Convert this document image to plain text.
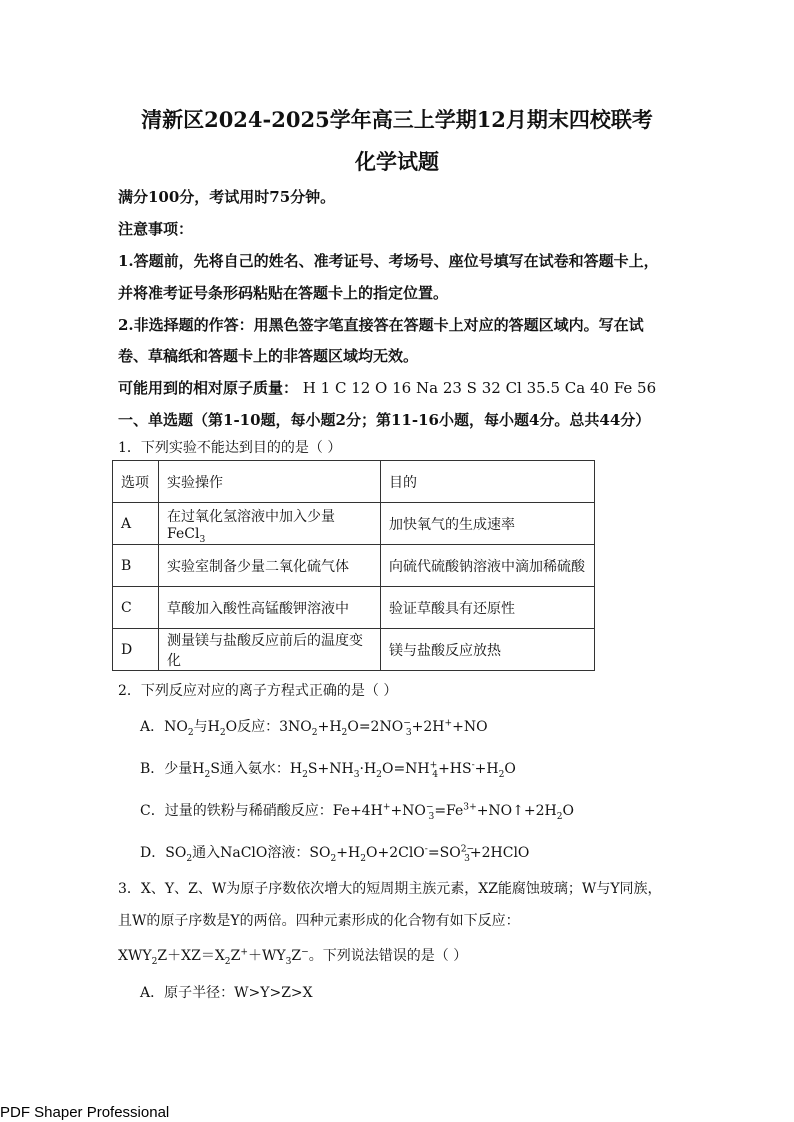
清新区2024-2025学年高三上学期12月期末四校联考
化学试题
满分100分，考试用时75分钟。
注意事项：
1.答题前，先将自己的姓名、准考证号、考场号、座位号填写在试卷和答题卡上，
并将准考证号条形码粘贴在答题卡上的指定位置。
2.非选择题的作答：用黑色签字笔直接答在答题卡上对应的答题区域内。写在试
卷、草稿纸和答题卡上的非答题区域均无效。
可能用到的相对原子质量： H 1 C 12 O 16 Na 23 S 32 Cl 35.5 Ca 40 Fe 56
一、单选题（第1-10题，每小题2分；第11-16小题，每小题4分。总共44分）
1．下列实验不能达到目的的是（ ）
选项	实验操作	目的
A	在过氧化氢溶液中加入少量FeCl$_3$	加快氧气的生成速率
B	实验室制备少量二氧化硫气体	向硫代硫酸钠溶液中滴加稀硫酸
C	草酸加入酸性高锰酸钾溶液中	验证草酸具有还原性
D	测量镁与盐酸反应前后的温度变化	镁与盐酸反应放热
2．下列反应对应的离子方程式正确的是（ ）
A．$NO_2$与$H_2O$反应：$3NO_2+H_2O=2NO^-_3+2H^++NO$
B．少量$H_2S$通入氨水：$H_2S+NH_3\cdot H_2O=NH^+_4+HS^-+H_2O$
C．过量的铁粉与稀硝酸反应：$Fe+4H^++NO^-_3=Fe^{3+}+NO↑+2H_2O$
D．$SO_2$通入NaClO溶液：$SO_2+H_2O+2ClO^-=SO^{2-}_3+2HClO$
3．X、Y、Z、W为原子序数依次增大的短周期主族元素，XZ能腐蚀玻璃；W与Y同族，
且W的原子序数是Y的两倍。四种元素形成的化合物有如下反应：
$XWY_2Z+XZ=X_2Z^++WY_3Z^-$。下列说法错误的是（ ）
A．原子半径：W>Y>Z>X
PDF Shaper Professional
